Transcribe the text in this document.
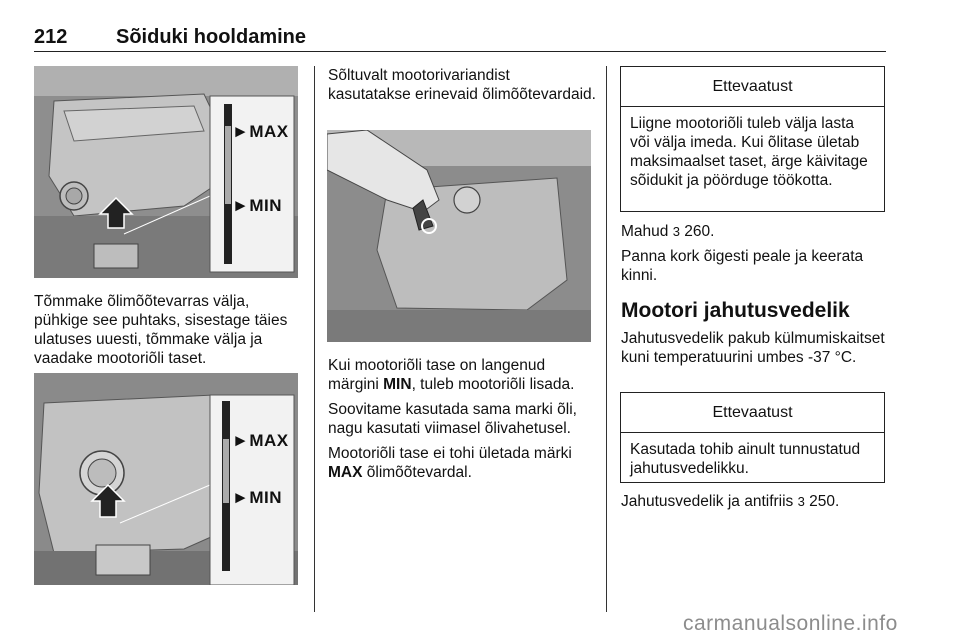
212 Sõiduki hooldamine
►MAX
►MIN

Tõmmake õlimõõtevarras välja, pühkige see puhtaks, sisestage täies ulatuses uuesti, tõmmake välja ja vaadake mootoriõli taset.

►MAX
►MIN

Sõltuvalt mootorivariandist kasutatakse erinevaid õlimõõtevardaid.

Kui mootoriõli tase on langenud märgini MIN, tuleb mootoriõli lisada.

Soovitame kasutada sama marki õli, nagu kasutati viimasel õlivahetusel.

Mootoriõli tase ei tohi ületada märki MAX õlimõõtevardal.

Ettevaatust
Liigne mootoriõli tuleb välja lasta või välja imeda. Kui õlitase ületab maksimaalset taset, ärge käivitage sõidukit ja pöörduge töökotta.

Mahud 3 260.

Panna kork õigesti peale ja keerata kinni.

Mootori jahutusvedelik

Jahutusvedelik pakub külmumiskaitset kuni temperatuurini umbes -37 °C.

Ettevaatust
Kasutada tohib ainult tunnustatud jahutusvedelikku.

Jahutusvedelik ja antifriis 3 250.

carmanualsonline.info
